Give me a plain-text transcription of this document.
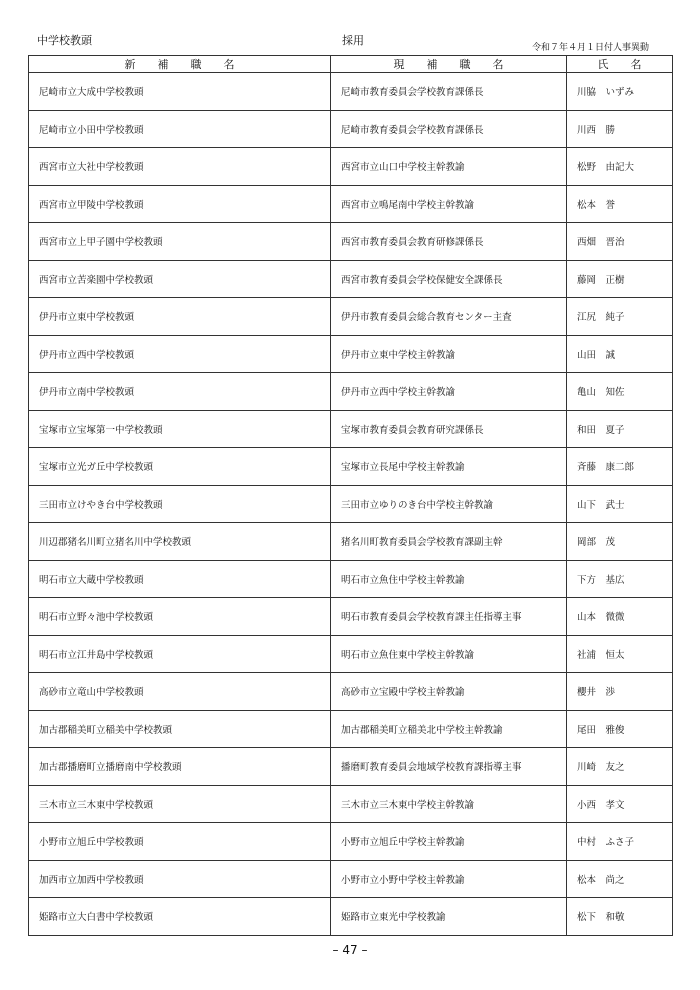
中学校教頭	採用
令和７年４月１日付人事異動
新　　補　　職　　名	現　　補　　職　　名	氏　　名
尼崎市立大成中学校教頭	尼崎市教育委員会学校教育課係長	川脇　いずみ
尼崎市立小田中学校教頭	尼崎市教育委員会学校教育課係長	川西　勝
西宮市立大社中学校教頭	西宮市立山口中学校主幹教諭	松野　由記大
西宮市立甲陵中学校教頭	西宮市立鳴尾南中学校主幹教諭	松本　誉
西宮市立上甲子園中学校教頭	西宮市教育委員会教育研修課係長	西畑　晋治
西宮市立苦楽園中学校教頭	西宮市教育委員会学校保健安全課係長	藤岡　正樹
伊丹市立東中学校教頭	伊丹市教育委員会総合教育センター主査	江尻　純子
伊丹市立西中学校教頭	伊丹市立東中学校主幹教諭	山田　誠
伊丹市立南中学校教頭	伊丹市立西中学校主幹教諭	亀山　知佐
宝塚市立宝塚第一中学校教頭	宝塚市教育委員会教育研究課係長	和田　夏子
宝塚市立光ガ丘中学校教頭	宝塚市立長尾中学校主幹教諭	斉藤　康二郎
三田市立けやき台中学校教頭	三田市立ゆりのき台中学校主幹教諭	山下　武士
川辺郡猪名川町立猪名川中学校教頭	猪名川町教育委員会学校教育課副主幹	岡部　茂
明石市立大蔵中学校教頭	明石市立魚住中学校主幹教諭	下方　基広
明石市立野々池中学校教頭	明石市教育委員会学校教育課主任指導主事	山本　微微
明石市立江井島中学校教頭	明石市立魚住東中学校主幹教諭	社浦　恒太
高砂市立竜山中学校教頭	高砂市立宝殿中学校主幹教諭	櫻井　渉
加古郡稲美町立稲美中学校教頭	加古郡稲美町立稲美北中学校主幹教諭	尾田　雅俊
加古郡播磨町立播磨南中学校教頭	播磨町教育委員会地域学校教育課指導主事	川崎　友之
三木市立三木東中学校教頭	三木市立三木東中学校主幹教諭	小西　孝文
小野市立旭丘中学校教頭	小野市立旭丘中学校主幹教諭	中村　ふさ子
加西市立加西中学校教頭	小野市立小野中学校主幹教諭	松本　尚之
姫路市立大白書中学校教頭	姫路市立東光中学校教諭	松下　和敬
– 47 –
